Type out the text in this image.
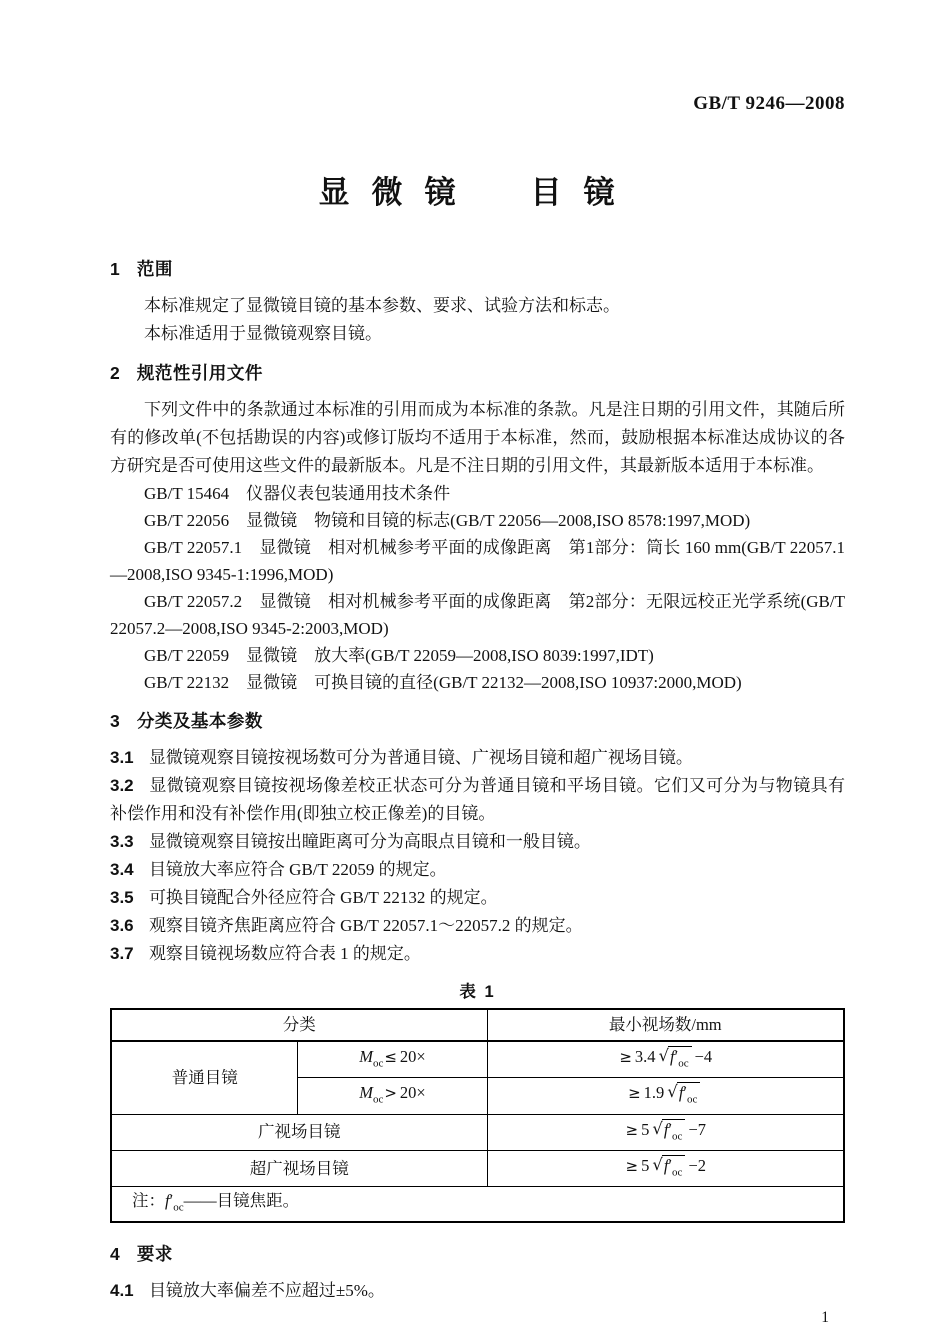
GB/T 9246—2008
显微镜　目镜
1 范围

本标准规定了显微镜目镜的基本参数、要求、试验方法和标志。

本标准适用于显微镜观察目镜。

2 规范性引用文件

下列文件中的条款通过本标准的引用而成为本标准的条款。凡是注日期的引用文件，其随后所有的修改单(不包括勘误的内容)或修订版均不适用于本标准，然而，鼓励根据本标准达成协议的各方研究是否可使用这些文件的最新版本。凡是不注日期的引用文件，其最新版本适用于本标准。

GB/T 15464　仪器仪表包装通用技术条件

GB/T 22056　显微镜　物镜和目镜的标志(GB/T 22056—2008,ISO 8578:1997,MOD)

GB/T 22057.1　显微镜　相对机械参考平面的成像距离　第1部分：筒长 160 mm(GB/T 22057.1—2008,ISO 9345-1:1996,MOD)

GB/T 22057.2　显微镜　相对机械参考平面的成像距离　第2部分：无限远校正光学系统(GB/T 22057.2—2008,ISO 9345-2:2003,MOD)

GB/T 22059　显微镜　放大率(GB/T 22059—2008,ISO 8039:1997,IDT)

GB/T 22132　显微镜　可换目镜的直径(GB/T 22132—2008,ISO 10937:2000,MOD)

3 分类及基本参数

3.1 显微镜观察目镜按视场数可分为普通目镜、广视场目镜和超广视场目镜。

3.2 显微镜观察目镜按视场像差校正状态可分为普通目镜和平场目镜。它们又可分为与物镜具有补偿作用和没有补偿作用(即独立校正像差)的目镜。

3.3 显微镜观察目镜按出瞳距离可分为高眼点目镜和一般目镜。

3.4 目镜放大率应符合 GB/T 22059 的规定。

3.5 可换目镜配合外径应符合 GB/T 22132 的规定。

3.6 观察目镜齐焦距离应符合 GB/T 22057.1～22057.2 的规定。

3.7 观察目镜视场数应符合表 1 的规定。

表 1
分类		最小视场数/mm
普通目镜	$M_{oc}\le 20\times$	≥ 3.4 $√f'_{oc} -4$
	$M_{oc}> 20\times$	≥ 1.9 $√f'_{oc}$
广视场目镜		≥ 5 $√f'_{oc} -7$
超广视场目镜		≥ 5 $√f'_{oc} -2$
注：$f'_{oc}——$目镜焦距。		
4 要求

4.1 目镜放大率偏差不应超过±5%。

1
